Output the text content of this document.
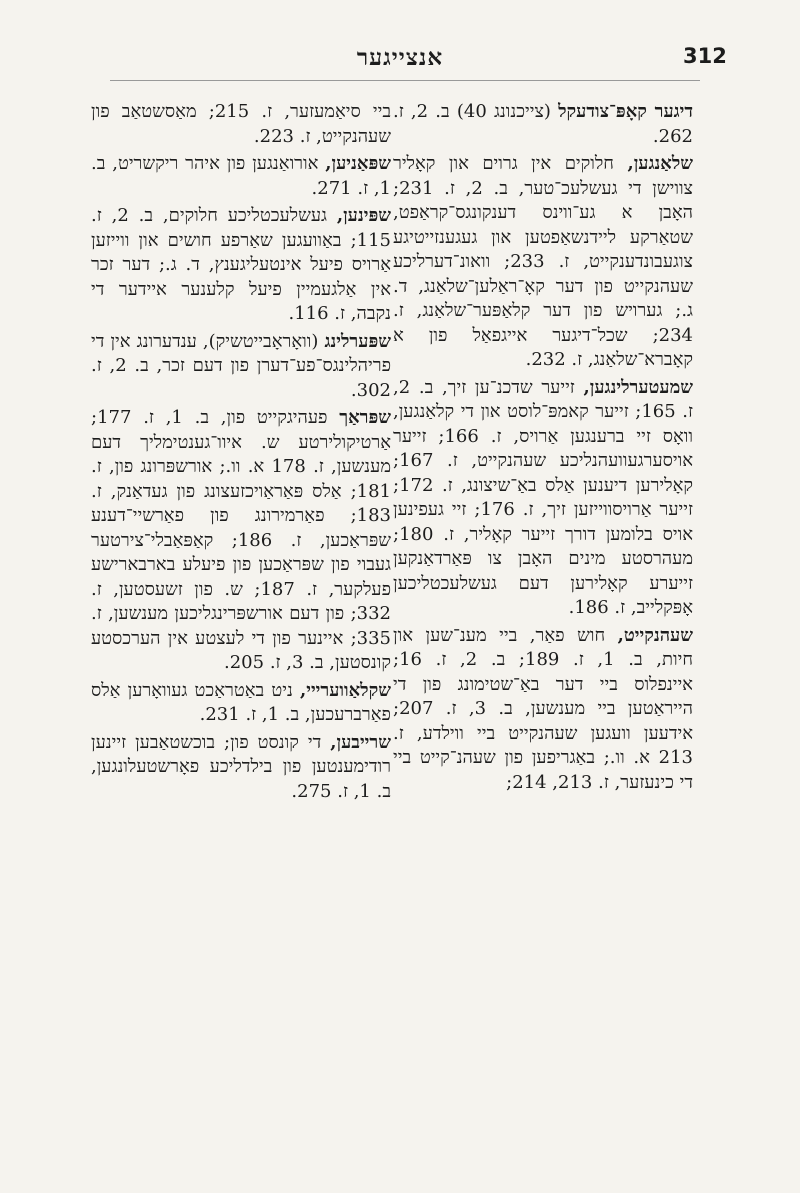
312
אנצייגער

דיגער קאָפּ־צודעקל (צייכנונג 40) ב. 2, ז. 262.

שלאַנגען, חלוקים אין גרוים און קאָליר צווישן די געשלעכ־טער, ב. 2, ז. 231; האָבן א גע־ווינס דענקונגס־קראַפט, שטאַרקע ליידנשאַפטען און געגענזייטיגע צוגעבונדענקייט, ז. 233; וואונ־דערליכע שעהנקייט פון דער קאָ־ראַלען־שלאַנג, ד. ג.; גערויש פון דער קלאַפּער־שלאַנג, ז. 234; שכל־דיגער אייגפאַל פון א קאָברא־שלאַנג, ז. 232.

שמעטערלינגען, זייער שדכנ־ען זיך, ב. 2, ז. 165; זייער קאמפּ־לוסט און די קלאַנגען, וואָס זיי ברענגען אַרויס, ז. 166; זייער אויסערגעוועהנליכע שעהנקייט, ז. 167; קאָלירען דיענען אַלס באַ־שיצונג, ז. 172; זייער אַרויסווייזען זיך, ז. 176; זיי געפינען אויס בלומען דורך זייער קאָליר, ז. 180; מעהרסטע מינים האָבן צו פּאַרדאַנקען זייערע קאָלירען דעם געשלעכטליכען אָפּקלייב, ז. 186.

שעהנקייט, חוש פאַר, ביי מענ־שען און חיות, ב. 1, ז. 189; ב. 2, ז. 16; איינפלוס ביי דער באַ־שטימונג פון די הייראַטען ביי מענשען, ב. 3, ז. 207; אידעען וועגען שעהנקייט ביי ווילדע, ז. 213 א. וו.; באַגריפען פון שעהנ־קייט ביי די כינעזער, ז. 213, 214;

ביי סיאַמעזער, ז. 215; מאַסשטאַב פון שעהנקייט, ז. 223.

שפּאַניען, אורואַנגען פון איהר ריקשריט, ב. 1, ז. 271.

שפּינען, געשלעכטליכע חלוקים, ב. 2, ז. 115; באַוועגען שאַרפע חושים און ווייזען אַרויס פיעל אינטעליגענץ, ד. ג.; דער זכר אין אַלגעמיין פיעל קלענער איידער די נקבה, ז. 116.

שפּערלינג (וואָראָבייטשיק), ענדערונג אין די פריהלינגס־פע־דערן פון דעם זכר, ב. 2, ז. 302.

שפּראַך פעהיגקייט פון, ב. 1, ז. 177; אַרטיקולירטע ש. איוו־גענטימליך דעם מענשען, ז. 178 א. וו.; אורשפּרונג פון, ז. 181; אַלס פּאַראַויכזעצונג פון געדאַנק, ז. 183; פאַרמירונג פון פאַרשיי־דענע שפּראַכען, ז. 186; קאַפּאַבלי־צירטער געבוי פון שפּראַכען פון פיעלע בארבארישע פעלקער, ז. 187; ש. פון זשעסטען, ז. 332; פון דעם אורשפּרינגליכען מענשען, ז. 335; איינער פון די לעצטע אין הערכסטע קונסטען, ב. 3, ז. 205.

שקלאַווערייי, ניט באַטראַכט געוואָרען אַלס פאַרברעכען, ב. 1, ז. 231.

שרייבען, די קונסט פון; בוכשטאַבען זיינען רודימענטען פון בילדליכע פאָרשטעלונגען, ב. 1, ז. 275.
